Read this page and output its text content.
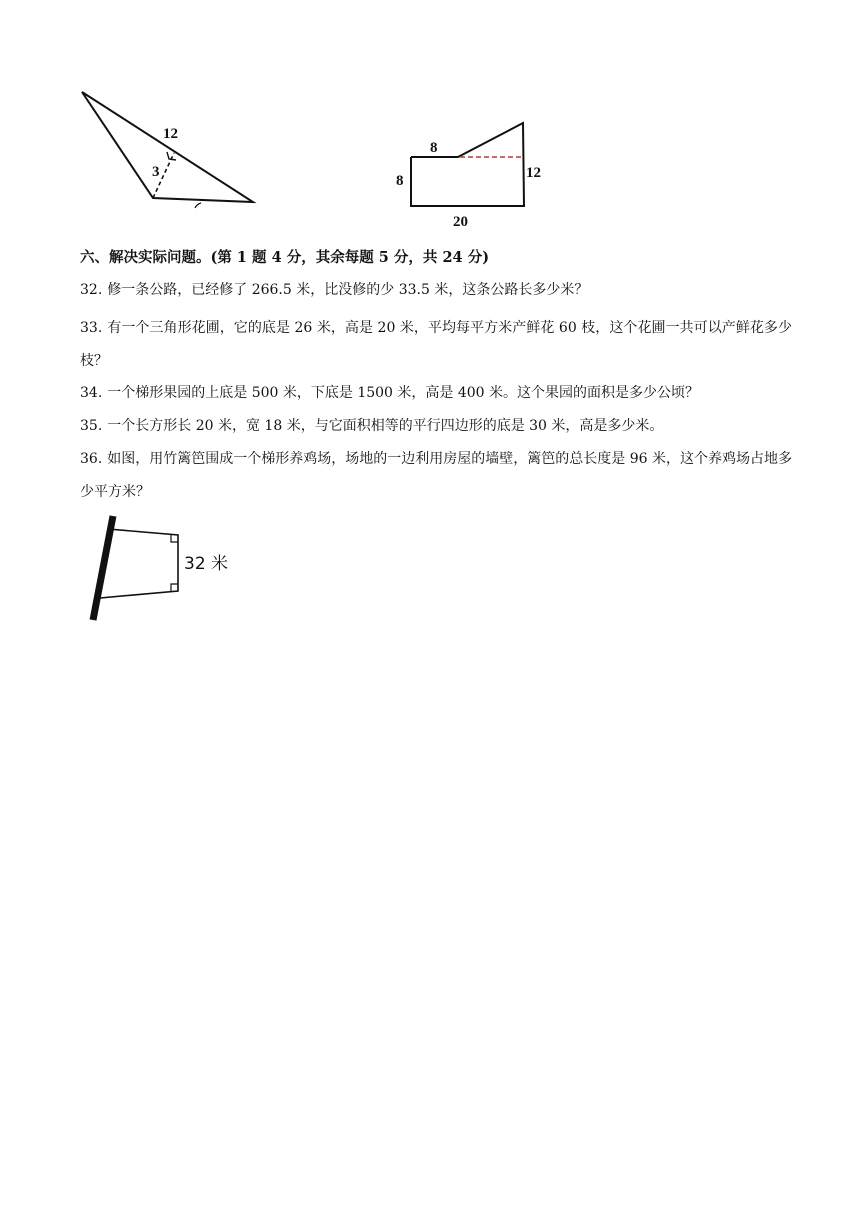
12
3
8
8	12
20
六、解决实际问题。(第 1 题 4 分，其余每题 5 分，共 24 分)
32. 修一条公路，已经修了 266.5 米，比没修的少 33.5 米，这条公路长多少米？
33. 有一个三角形花圃，它的底是 26 米，高是 20 米，平均每平方米产鲜花 60 枝，这个花圃一共可以产鲜花多少枝？
34. 一个梯形果园的上底是 500 米，下底是 1500 米，高是 400 米。这个果园的面积是多少公顷？
35. 一个长方形长 20 米，宽 18 米，与它面积相等的平行四边形的底是 30 米，高是多少米。
36. 如图，用竹篱笆围成一个梯形养鸡场，场地的一边利用房屋的墙壁，篱笆的总长度是 96 米，这个养鸡场占地多少平方米？
32 米
